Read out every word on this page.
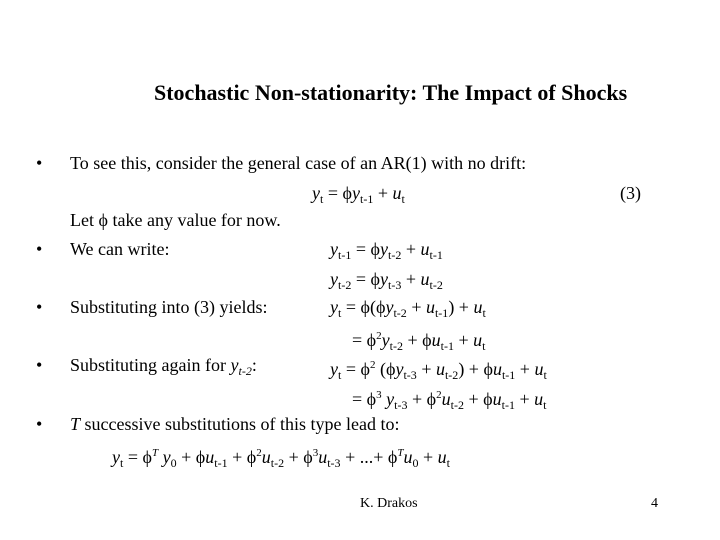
Stochastic Non-stationarity: The Impact of Shocks
• To see this, consider the general case of an AR(1) with no drift:
$y_t = \phi y_{t-1} + u_t$	(3)
Let ϕ take any value for now.
• We can write:	$y_{t-1} = \phi y_{t-2} + u_{t-1}$
$y_{t-2} = \phi y_{t-3} + u_{t-2}$
• Substituting into (3) yields:	$y_t = \phi(\phi y_{t-2} + u_{t-1}) + u_t$
= $\phi^2y_{t-2} + \phi u_{t-1} + u_t$
• Substituting again for $y_{t-2}$:	$y_t = \phi^2$ $(\phi y_{t-3} + u_{t-2}) + \phi u_{t-1} + u_t$
= $\phi^3$ $y_{t-3} + \phi^2u_{t-2} + \phi u_{t-1} + u_t$
• T successive substitutions of this type lead to:
$y_t = \phi^T$ $y_0 + \phi u_{t-1} + \phi^2u_{t-2} + \phi^3u_{t-3}$ + ...+ $\phi^Tu_0 + u_t$
K. Drakos	4
